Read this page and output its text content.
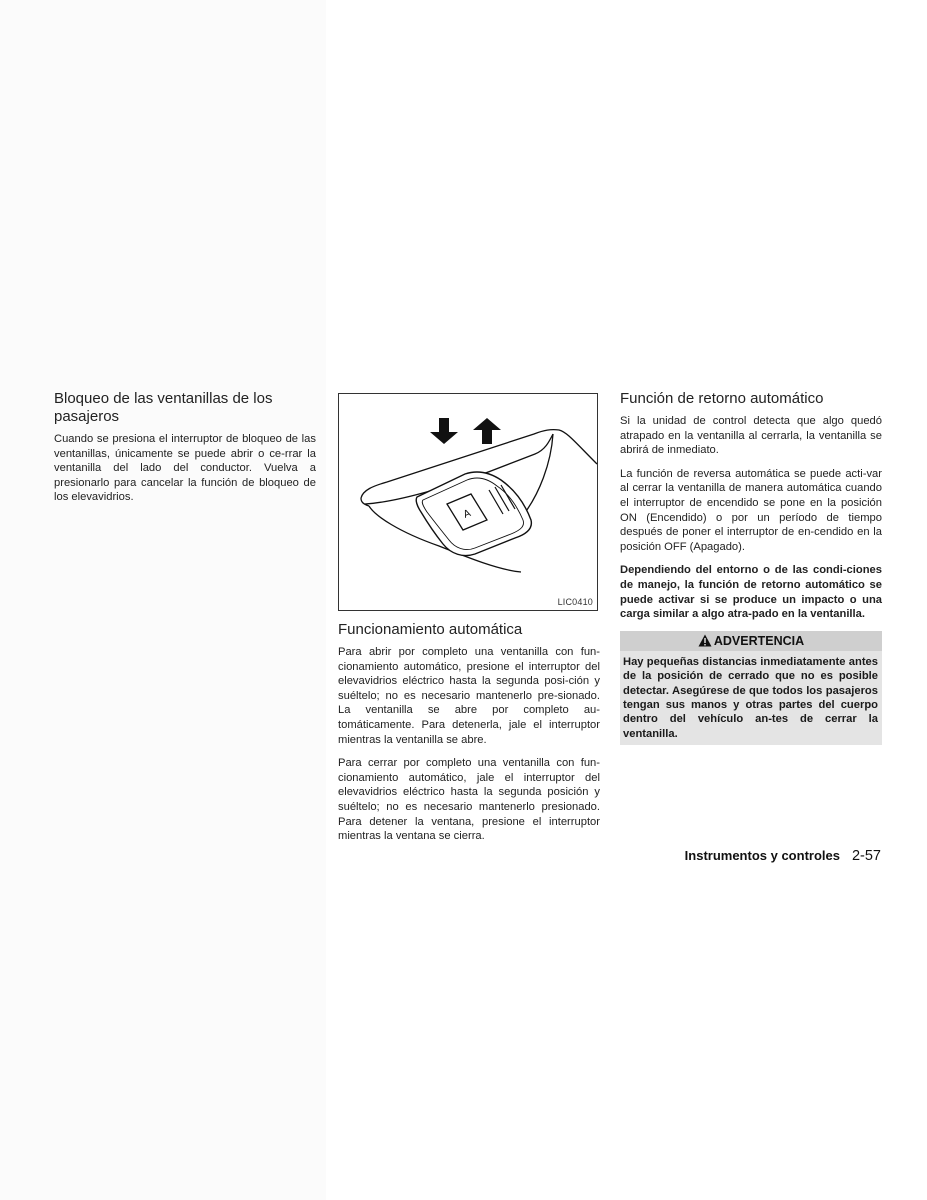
Bloqueo de las ventanillas de los pasajeros

Cuando se presiona el interruptor de bloqueo de las ventanillas, únicamente se puede abrir o ce-rrar la ventanilla del lado del conductor. Vuelva a presionarlo para cancelar la función de bloqueo de los elevavidrios.

A
LIC0410
Funcionamiento automática

Para abrir por completo una ventanilla con fun-cionamiento automático, presione el interruptor del elevavidrios eléctrico hasta la segunda posi-ción y suéltelo; no es necesario mantenerlo pre-sionado. La ventanilla se abre por completo au-tomáticamente. Para detenerla, jale el interruptor mientras la ventanilla se abre.

Para cerrar por completo una ventanilla con fun-cionamiento automático, jale el interruptor del elevavidrios eléctrico hasta la segunda posición y suéltelo; no es necesario mantenerlo presionado. Para detener la ventana, presione el interruptor mientras la ventana se cierra.

Función de retorno automático

Si la unidad de control detecta que algo quedó atrapado en la ventanilla al cerrarla, la ventanilla se abrirá de inmediato.

La función de reversa automática se puede acti-var al cerrar la ventanilla de manera automática cuando el interruptor de encendido se pone en la posición ON (Encendido) o por un período de tiempo después de poner el interruptor de en-cendido en la posición OFF (Apagado).

Dependiendo del entorno o de las condi-ciones de manejo, la función de retorno automático se puede activar si se produce un impacto o una carga similar a algo atra-pado en la ventanilla.

ADVERTENCIA

Hay pequeñas distancias inmediatamente antes de la posición de cerrado que no es posible detectar. Asegúrese de que todos los pasajeros tengan sus manos y otras partes del cuerpo dentro del vehículo an-tes de cerrar la ventanilla.

Instrumentos y controles 2-57
